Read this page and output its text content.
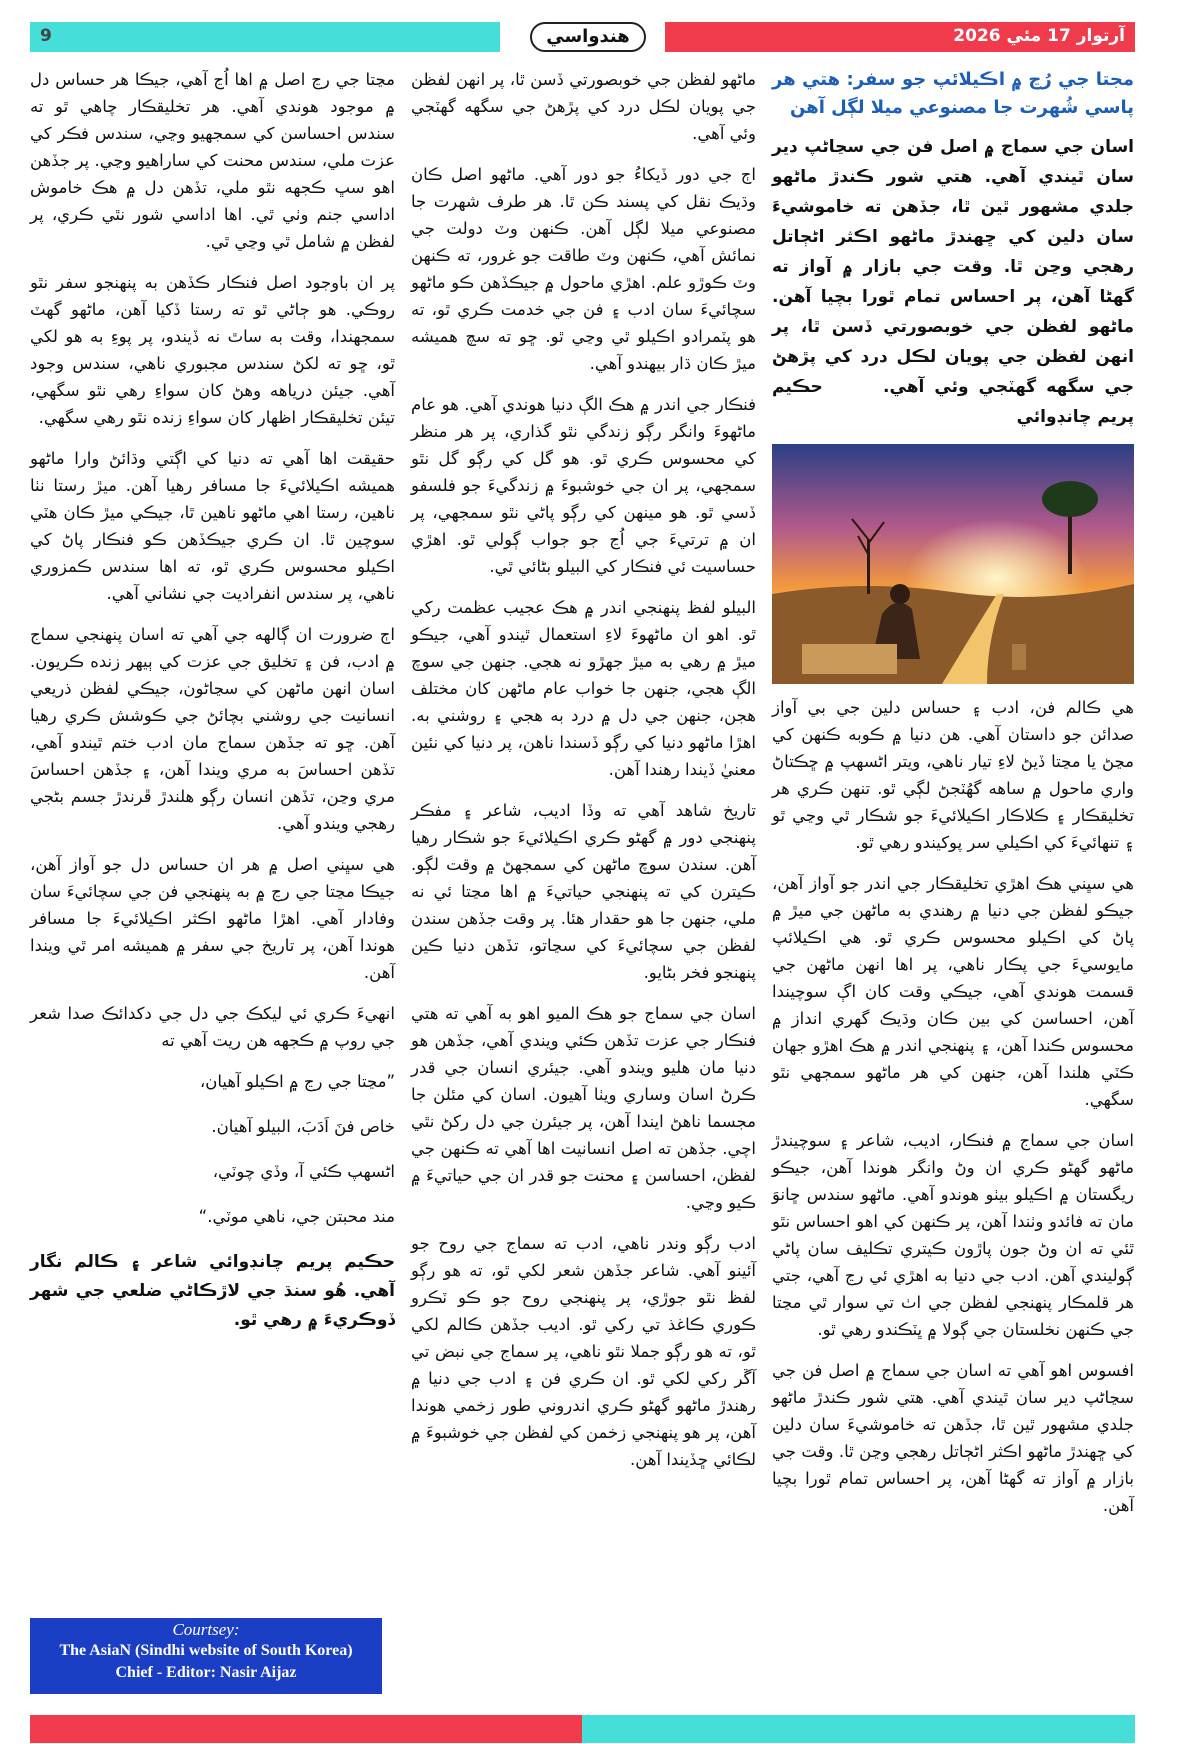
9	هندواسي	آرتوار 17 مئي 2026
مجتا جي رُڃ ۾ اڪيلائپ جو سفر: هتي هر پاسي شُهرت جا مصنوعي ميلا لڳل آهن
اسان جي سماج ۾ اصل فن جي سڃاڻپ دير سان ٿيندي آهي. هتي شور ڪندڙ ماڻهو جلدي مشهور ٿين ٿا، جڏهن ته خاموشيءَ سان دلين کي ڇهندڙ ماڻهو اڪثر اڻڄاتل رهجي وڃن ٿا. وقت جي بازار ۾ آواز ته گهڻا آهن، پر احساس تمام ٿورا بچيا آهن. ماڻهو لفظن جي خوبصورتي ڏسن ٿا، پر انهن لفظن جي پويان لڪل درد کي پڙهڻ جي سگهه گهٽجي وئي آهي.  حڪيم پريم چانڊوائي

هي ڪالم فن، ادب ۽ حساس دلين جي بي آواز صدائن جو داستان آهي. هن دنيا ۾ ڪوبه ڪنهن کي مڃڻ يا مڃتا ڏيڻ لاءِ تيار ناهي، ويتر اڻسهپ ۾ ڇڪتاڻ واري ماحول ۾ ساهه گهُٽجڻ لڳي ٿو. تنهن ڪري هر تخليقڪار ۽ ڪلاڪار اڪيلائيءَ جو شڪار ٿي وڃي ٿو ۽ تنهائيءَ کي اڪيلي سر پوکيندو رهي ٿو.

هي سڀني هڪ اهڙي تخليقڪار جي اندر جو آواز آهن، جيڪو لفظن جي دنيا ۾ رهندي به ماڻهن جي ميڙ ۾ پاڻ کي اڪيلو محسوس ڪري ٿو. هي اڪيلائپ مايوسيءَ جي پڪار ناهي، پر اها انهن ماڻهن جي قسمت هوندي آهي، جيڪي وقت کان اڳ سوچيندا آهن، احساسن کي بين ڪان وڌيڪ گهري انداز ۾ محسوس ڪندا آهن، ۽ پنهنجي اندر ۾ هڪ اهڙو جهان ڪٽي هلندا آهن، جنهن کي هر ماڻهو سمجهي نٿو سگهي.

اسان جي سماج ۾ فنڪار، اديب، شاعر ۽ سوچيندڙ ماڻهو گهڻو ڪري ان وڻ وانگر هوندا آهن، جيڪو ريگستان ۾ اڪيلو بيٺو هوندو آهي. ماڻهو سندس ڇانوَ مان ته فائدو وٺندا آهن، پر ڪنهن کي اهو احساس نٿو ٿئي ته ان وڻ جون پاڙون ڪيتري تڪليف سان پاڻي ڳوليندي آهن. ادب جي دنيا به اهڙي ئي رڃ آهي، جتي هر قلمڪار پنهنجي لفظن جي اٺ تي سوار ٿي مڃتا جي ڪنهن نخلستان جي ڳولا ۾ ڀٽڪندو رهي ٿو.

افسوس اهو آهي ته اسان جي سماج ۾ اصل فن جي سڃاڻپ دير سان ٿيندي آهي. هتي شور ڪندڙ ماڻهو جلدي مشهور ٿين ٿا، جڏهن ته خاموشيءَ سان دلين کي ڇهندڙ ماڻهو اڪثر اڻڄاتل رهجي وڃن ٿا. وقت جي بازار ۾ آواز ته گهڻا آهن، پر احساس تمام ٿورا بچيا آهن.

ماڻهو لفظن جي خوبصورتي ڏسن ٿا، پر انهن لفظن جي پويان لڪل درد کي پڙهڻ جي سگهه گهٽجي وئي آهي.

اڄ جي دور ڏيکاءُ جو دور آهي. ماڻهو اصل ڪان وڌيڪ نقل کي پسند ڪن ٿا. هر طرف شهرت جا مصنوعي ميلا لڳل آهن. ڪنهن وٽ دولت جي نمائش آهي، ڪنهن وٽ طاقت جو غرور، ته ڪنهن وٽ ڪوڙو علم. اهڙي ماحول ۾ جيڪڏهن ڪو ماڻهو سچائيءَ سان ادب ۽ فن جي خدمت ڪري ٿو، ته هو پٽمرادو اڪيلو ٿي وڃي ٿو. ڇو ته سچ هميشه ميڙ ڪان ڌار بيهندو آهي.

فنڪار جي اندر ۾ هڪ الڳ دنيا هوندي آهي. هو عام ماڻهوءَ وانگر رڳو زندگي نٿو گذاري، پر هر منظر کي محسوس ڪري ٿو. هو گل کي رڳو گل نٿو سمجهي، پر ان جي خوشبوءَ ۾ زندگيءَ جو فلسفو ڏسي ٿو. هو مينهن کي رڳو پاڻي نٿو سمجهي، پر ان ۾ ترتيءَ جي اُڃ جو جواب ڳولي ٿو. اهڙي حساسيت ئي فنڪار کي البيلو بڻائي ٿي.

البيلو لفظ پنهنجي اندر ۾ هڪ عجيب عظمت رکي ٿو. اهو ان ماڻهوءَ لاءِ استعمال ٿيندو آهي، جيڪو ميڙ ۾ رهي به ميڙ جهڙو نه هجي. جنهن جي سوچ الڳ هجي، جنهن جا خواب عام ماڻهن کان مختلف هجن، جنهن جي دل ۾ درد به هجي ۽ روشني به. اهڙا ماڻهو دنيا کي رڳو ڏسندا ناهن، پر دنيا کي نئين معنيٰ ڏيندا رهندا آهن.

تاريخ شاهد آهي ته وڏا اديب، شاعر ۽ مفڪر پنهنجي دور ۾ گهڻو ڪري اڪيلائيءَ جو شڪار رهيا آهن. سندن سوچ ماڻهن کي سمجهڻ ۾ وقت لڳو. ڪيترن کي ته پنهنجي حياتيءَ ۾ اها مڃتا ئي نه ملي، جنهن جا هو حقدار هئا. پر وقت جڏهن سندن لفظن جي سچائيءَ کي سڃاتو، تڏهن دنيا ڪين پنهنجو فخر بڻايو.

اسان جي سماج جو هڪ الميو اهو به آهي ته هتي فنڪار جي عزت تڏهن ڪئي ويندي آهي، جڏهن هو دنيا مان هليو ويندو آهي. جيئري انسان جي قدر ڪرڻ اسان وساري ويٺا آهيون. اسان کي مئلن جا مجسما ناهڻ ايندا آهن، پر جيئرن جي دل رکڻ نٿي اچي. جڏهن ته اصل انسانيت اها آهي ته ڪنهن جي لفظن، احساسن ۽ محنت جو قدر ان جي حياتيءَ ۾ ڪيو وڃي.

ادب رڳو وندر ناهي، ادب ته سماج جي روح جو آئينو آهي. شاعر جڏهن شعر لکي ٿو، ته هو رڳو لفظ نٿو جوڙي، پر پنهنجي روح جو ڪو ٽڪرو ڪوري ڪاغذ تي رکي ٿو. اديب جڏهن ڪالم لکي ٿو، ته هو رڳو جملا نٿو ناهي، پر سماج جي نبض تي آڱر رکي لکي ٿو. ان ڪري فن ۽ ادب جي دنيا ۾ رهندڙ ماڻهو گهڻو ڪري اندروني طور زخمي هوندا آهن، پر هو پنهنجي زخمن کي لفظن جي خوشبوءَ ۾ لڪائي ڇڏيندا آهن.

مڃتا جي رڃ اصل ۾ اها اُڃ آهي، جيڪا هر حساس دل ۾ موجود هوندي آهي. هر تخليقڪار چاهي ٿو ته سندس احساسن کي سمجهيو وڃي، سندس فڪر کي عزت ملي، سندس محنت کي ساراهيو وڃي. پر جڏهن اهو سڀ ڪجهه نٿو ملي، تڏهن دل ۾ هڪ خاموش اداسي جنم وٺي ٿي. اها اداسي شور نٿي ڪري، پر لفظن ۾ شامل ٿي وڃي ٿي.

پر ان باوجود اصل فنڪار ڪڏهن به پنهنجو سفر نٿو روڪي. هو ڄاڻي ٿو ته رستا ڏکيا آهن، ماڻهو گهٽ سمجهندا، وقت به ساٿ نه ڏيندو، پر پوءِ به هو لکي ٿو، ڇو ته لکڻ سندس مجبوري ناهي، سندس وجود آهي. جيئن درياهه وهڻ کان سواءِ رهي نٿو سگهي، تيئن تخليقڪار اظهار کان سواءِ زنده نٿو رهي سگهي.

حقيقت اها آهي ته دنيا کي اڳتي وڌائڻ وارا ماڻهو هميشه اڪيلائيءَ جا مسافر رهيا آهن. ميڙ رستا نٺا ناهين، رستا اهي ماڻهو ناهين ٿا، جيڪي ميڙ ڪان هٽي سوچين ٿا. ان ڪري جيڪڏهن ڪو فنڪار پاڻ کي اڪيلو محسوس ڪري ٿو، ته اها سندس ڪمزوري ناهي، پر سندس انفراديت جي نشاني آهي.

اڄ ضرورت ان ڳالهه جي آهي ته اسان پنهنجي سماج ۾ ادب، فن ۽ تخليق جي عزت کي ٻيهر زنده ڪريون. اسان انهن ماڻهن کي سڃاڻون، جيڪي لفظن ذريعي انسانيت جي روشني بچائڻ جي ڪوشش ڪري رهيا آهن. ڇو ته جڏهن سماج مان ادب ختم ٿيندو آهي، تڏهن احساسَ به مري ويندا آهن، ۽ جڏهن احساسَ مري وڃن، تڏهن انسان رڳو هلندڙ ڦرندڙ جسم بڻجي رهجي ويندو آهي.

هي سڀني اصل ۾ هر ان حساس دل جو آواز آهن، جيڪا مڃتا جي رڃ ۾ به پنهنجي فن جي سچائيءَ سان وفادار آهي. اهڙا ماڻهو اڪثر اڪيلائيءَ جا مسافر هوندا آهن، پر تاريخ جي سفر ۾ هميشه امر ٿي ويندا آهن.

انهيءَ ڪري ئي ليکڪ جي دل جي دکدائڪ صدا شعر جي روپ ۾ ڪجهه هن ريت آهي ته

”مڃتا جي رڃ ۾ اڪيلو آهيان،
خاص فنَ اَدَبَ، البيلو آهيان.
اڻسهپ ڪئي آ، وڏي چوٽي،
مند محبتن جي، ناهي موٽي.“
حڪيم پريم چانڊوائي شاعر ۽ ڪالم نگار آهي. هُو سنڌ جي لاڙڪاڻي ضلعي جي شهر ڏوڪريءَ ۾ رهي ٿو.
Courtsey:
The AsiaN (Sindhi website of South Korea)
Chief - Editor: Nasir Aijaz
